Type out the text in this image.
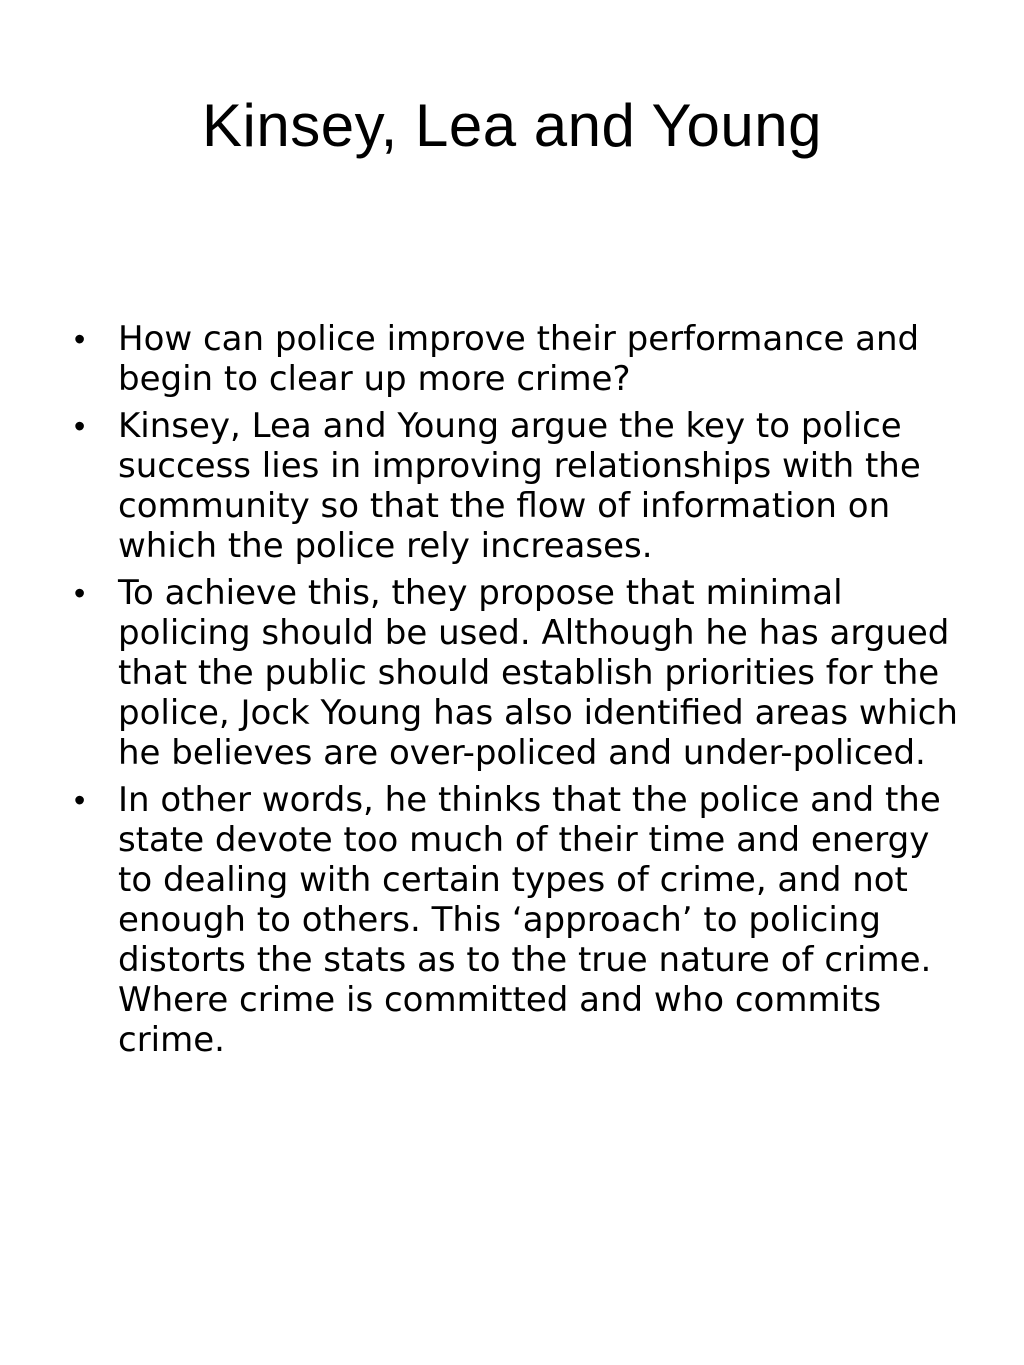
Kinsey, Lea and Young
• How can police improve their performance and begin to clear up more crime?
• Kinsey, Lea and Young argue the key to police success lies in improving relationships with the community so that the flow of information on which the police rely increases.
• To achieve this, they propose that minimal policing should be used. Although he has argued that the public should establish priorities for the police, Jock Young has also identified areas which he believes are over-policed and under-policed.
• In other words, he thinks that the police and the state devote too much of their time and energy to dealing with certain types of crime, and not enough to others. This ‘approach’ to policing distorts the stats as to the true nature of crime. Where crime is committed and who commits crime.
